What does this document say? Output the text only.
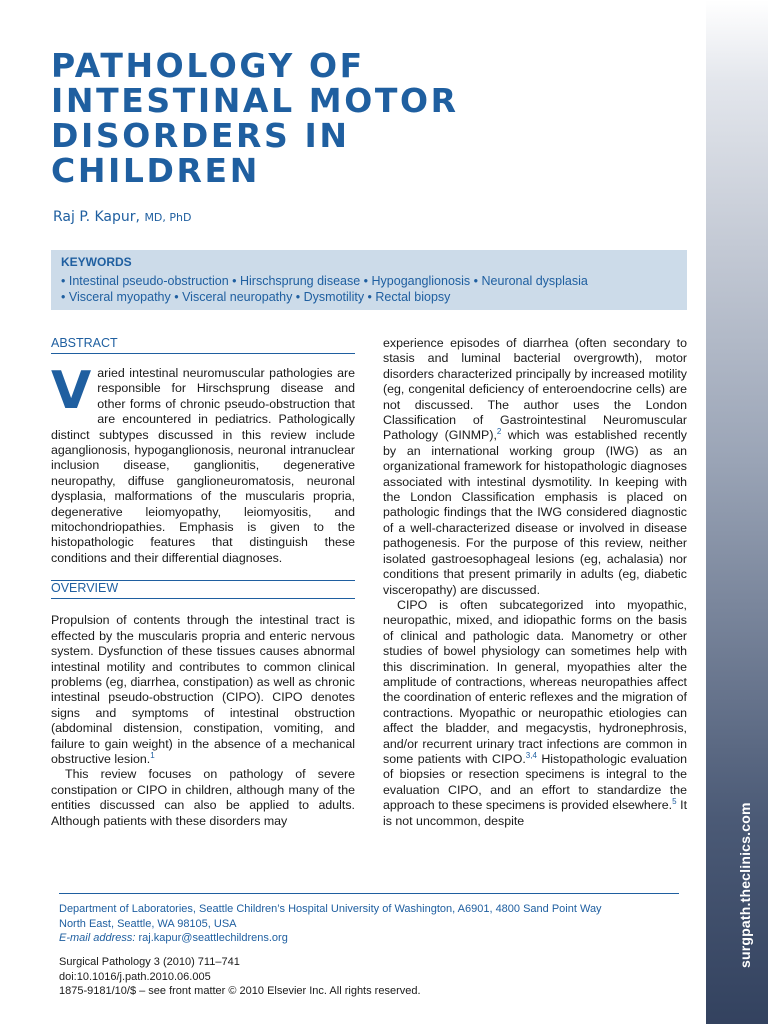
surgpath.theclinics.com
PATHOLOGY OF
INTESTINAL MOTOR
DISORDERS IN
CHILDREN
Raj P. Kapur, MD, PhD
KEYWORDS
• Intestinal pseudo-obstruction • Hirschsprung disease • Hypoganglionosis • Neuronal dysplasia
• Visceral myopathy • Visceral neuropathy • Dysmotility • Rectal biopsy
ABSTRACT
Varied intestinal neuromuscular pathologies are responsible for Hirschsprung disease and other forms of chronic pseudo-obstruction that are encountered in pediatrics. Pathologically distinct subtypes discussed in this review include aganglionosis, hypoganglionosis, neuronal intranuclear inclusion disease, ganglionitis, degenerative neuropathy, diffuse ganglioneuromatosis, neuronal dysplasia, malformations of the muscularis propria, degenerative leiomyopathy, leiomyositis, and mitochondriopathies. Emphasis is given to the histopathologic features that distinguish these conditions and their differential diagnoses.
OVERVIEW
Propulsion of contents through the intestinal tract is effected by the muscularis propria and enteric nervous system. Dysfunction of these tissues causes abnormal intestinal motility and contributes to common clinical problems (eg, diarrhea, constipation) as well as chronic intestinal pseudo-obstruction (CIPO). CIPO denotes signs and symptoms of intestinal obstruction (abdominal distension, constipation, vomiting, and failure to gain weight) in the absence of a mechanical obstructive lesion.$^1$
This review focuses on pathology of severe constipation or CIPO in children, although many of the entities discussed can also be applied to adults. Although patients with these disorders may
experience episodes of diarrhea (often secondary to stasis and luminal bacterial overgrowth), motor disorders characterized principally by increased motility (eg, congenital deficiency of enteroendocrine cells) are not discussed. The author uses the London Classification of Gastrointestinal Neuromuscular Pathology (GINMP),$^2$ which was established recently by an international working group (IWG) as an organizational framework for histopathologic diagnoses associated with intestinal dysmotility. In keeping with the London Classification emphasis is placed on pathologic findings that the IWG considered diagnostic of a well-characterized disease or involved in disease pathogenesis. For the purpose of this review, neither isolated gastroesophageal lesions (eg, achalasia) nor conditions that present primarily in adults (eg, diabetic visceropathy) are discussed.
CIPO is often subcategorized into myopathic, neuropathic, mixed, and idiopathic forms on the basis of clinical and pathologic data. Manometry or other studies of bowel physiology can sometimes help with this discrimination. In general, myopathies alter the amplitude of contractions, whereas neuropathies affect the coordination of enteric reflexes and the migration of contractions. Myopathic or neuropathic etiologies can affect the bladder, and megacystis, hydronephrosis, and/or recurrent urinary tract infections are common in some patients with CIPO.$^{3,4}$ Histopathologic evaluation of biopsies or resection specimens is integral to the evaluation CIPO, and an effort to standardize the approach to these specimens is provided elsewhere.$^5$ It is not uncommon, despite
Department of Laboratories, Seattle Children’s Hospital University of Washington, A6901, 4800 Sand Point Way
North East, Seattle, WA 98105, USA
E-mail address: raj.kapur@seattlechildrens.org
Surgical Pathology 3 (2010) 711–741
doi:10.1016/j.path.2010.06.005
1875-9181/10/$ – see front matter © 2010 Elsevier Inc. All rights reserved.
